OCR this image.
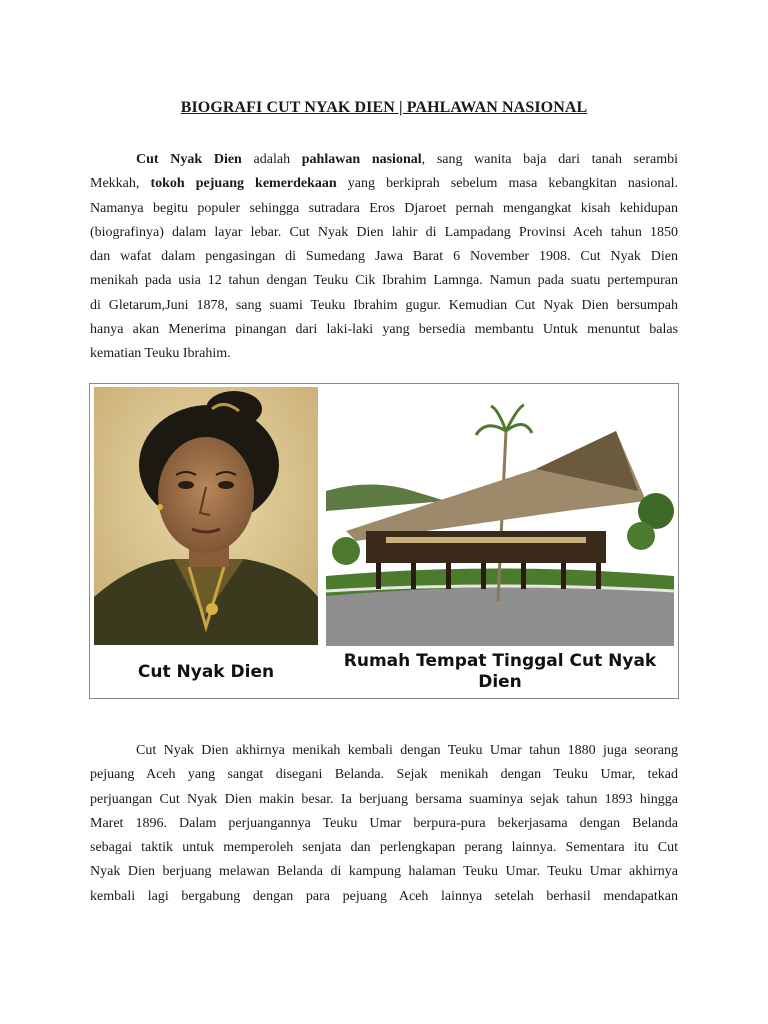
BIOGRAFI CUT NYAK DIEN | PAHLAWAN NASIONAL
Cut Nyak Dien adalah pahlawan nasional, sang wanita baja dari tanah serambi
Mekkah, tokoh pejuang kemerdekaan yang berkiprah sebelum masa kebangkitan nasional.
Namanya begitu populer sehingga sutradara Eros Djaroet pernah mengangkat kisah kehidupan
(biografinya) dalam layar lebar. Cut Nyak Dien lahir di Lampadang Provinsi Aceh tahun 1850
dan wafat dalam pengasingan di Sumedang Jawa Barat 6 November 1908. Cut Nyak Dien
menikah pada usia 12 tahun dengan Teuku Cik Ibrahim Lamnga. Namun pada suatu pertempuran
di Gletarum,Juni 1878, sang suami Teuku Ibrahim gugur. Kemudian Cut Nyak Dien bersumpah
hanya akan Menerima pinangan dari laki-laki yang bersedia membantu Untuk menuntut balas
kematian Teuku Ibrahim.
Cut Nyak Dien
Rumah Tempat Tinggal Cut Nyak Dien
Cut Nyak Dien akhirnya menikah kembali dengan Teuku Umar tahun 1880 juga seorang
pejuang Aceh yang sangat disegani Belanda. Sejak menikah dengan Teuku Umar, tekad
perjuangan Cut Nyak Dien makin besar. Ia berjuang bersama suaminya sejak tahun 1893 hingga
Maret 1896. Dalam perjuangannya Teuku Umar berpura-pura bekerjasama dengan Belanda
sebagai taktik untuk memperoleh senjata dan perlengkapan perang lainnya. Sementara itu Cut
Nyak Dien berjuang melawan Belanda di kampung halaman Teuku Umar. Teuku Umar akhirnya
kembali lagi bergabung dengan para pejuang Aceh lainnya setelah berhasil mendapatkan
